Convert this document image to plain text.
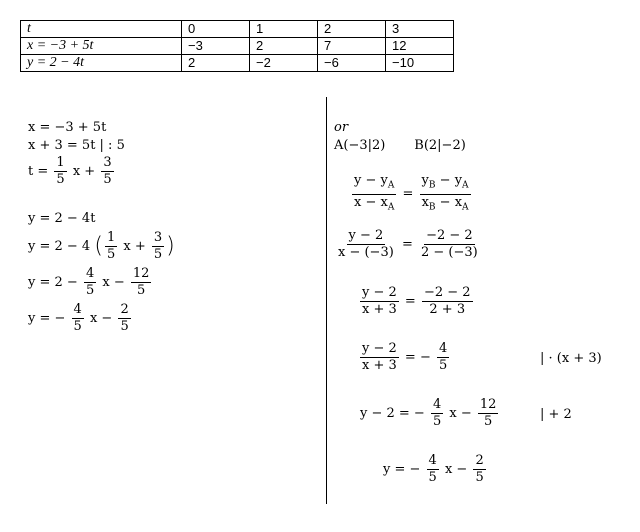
t	0	1	2	3
x = −3 + 5t	−3	2	7	12
y = 2 − 4t	2	−2	−6	−10
x = −3 + 5t
x + 3 = 5t | : 5
$t = \frac{1}{5}$ $x + \frac{3}{5}$
y = 2 − 4t
y = 2 − 4 ( $\frac{1}{5}$ $x + \frac{3}{5}$ )
$y = 2 - \frac{4}{5}$ $x - \frac{12}{5}$
y = − $\frac{4}{5}$ $x - \frac{2}{5}$
or
A(−3|2)       B(2|−2)
$\frac{y - y_A}{x - x_A} = \frac{y_B - y_A}{x_B - x_A}$
$\frac{y - 2}{x - (-3)} = \frac{-2 - 2}{2 - (-3)}$
$\frac{y - 2}{x + 3} = \frac{-2 - 2}{2 + 3}$
$\frac{y - 2}{x + 3}$ = − $\frac{4}{5}$	| · (x + 3)
y − 2 = − $\frac{4}{5}$ $x - \frac{12}{5}$	| + 2
y = − $\frac{4}{5}$ $x - \frac{2}{5}$
